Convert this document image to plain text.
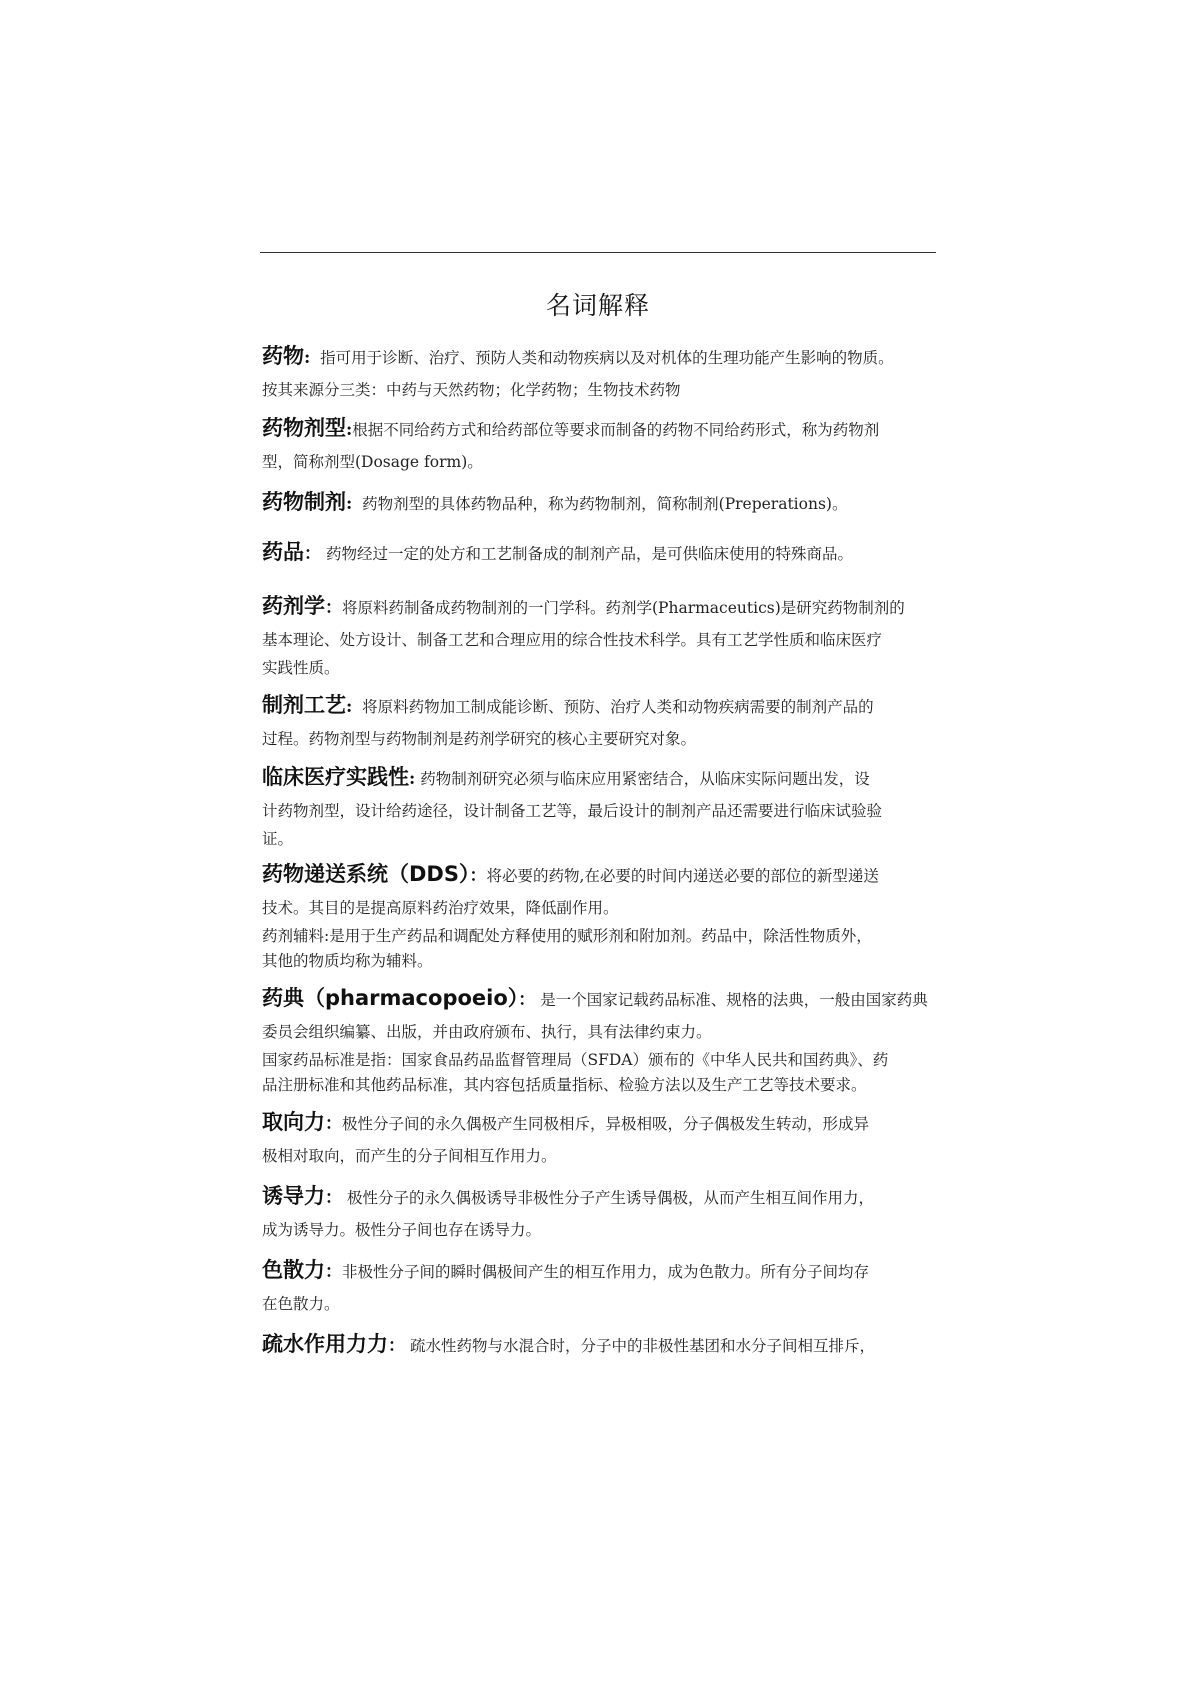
名词解释

药物: 指可用于诊断、治疗、预防人类和动物疾病以及对机体的生理功能产生影响的物质。

按其来源分三类：中药与天然药物；化学药物；生物技术药物

药物剂型:根据不同给药方式和给药部位等要求而制备的药物不同给药形式，称为药物剂

型，简称剂型(Dosage form)。

药物制剂: 药物剂型的具体药物品种，称为药物制剂，简称制剂(Preperations)。

药品： 药物经过一定的处方和工艺制备成的制剂产品，是可供临床使用的特殊商品。

药剂学：将原料药制备成药物制剂的一门学科。药剂学(Pharmaceutics)是研究药物制剂的

基本理论、处方设计、制备工艺和合理应用的综合性技术科学。具有工艺学性质和临床医疗

实践性质。

制剂工艺: 将原料药物加工制成能诊断、预防、治疗人类和动物疾病需要的制剂产品的

过程。药物剂型与药物制剂是药剂学研究的核心主要研究对象。

临床医疗实践性: 药物制剂研究必须与临床应用紧密结合，从临床实际问题出发，设

计药物剂型，设计给药途径，设计制备工艺等，最后设计的制剂产品还需要进行临床试验验

证。

药物递送系统（DDS）：将必要的药物,在必要的时间内递送必要的部位的新型递送

技术。其目的是提高原料药治疗效果，降低副作用。

药剂辅料:是用于生产药品和调配处方释使用的赋形剂和附加剂。药品中，除活性物质外，

其他的物质均称为辅料。

药典（pharmacopoeio）： 是一个国家记载药品标准、规格的法典，一般由国家药典

委员会组织编纂、出版，并由政府颁布、执行，具有法律约束力。

国家药品标准是指：国家食品药品监督管理局（SFDA）颁布的《中华人民共和国药典》、药

品注册标准和其他药品标准，其内容包括质量指标、检验方法以及生产工艺等技术要求。

取向力：极性分子间的永久偶极产生同极相斥，异极相吸，分子偶极发生转动，形成异

极相对取向，而产生的分子间相互作用力。

诱导力： 极性分子的永久偶极诱导非极性分子产生诱导偶极，从而产生相互间作用力，

成为诱导力。极性分子间也存在诱导力。

色散力：非极性分子间的瞬时偶极间产生的相互作用力，成为色散力。所有分子间均存

在色散力。

疏水作用力力： 疏水性药物与水混合时，分子中的非极性基团和水分子间相互排斥，
